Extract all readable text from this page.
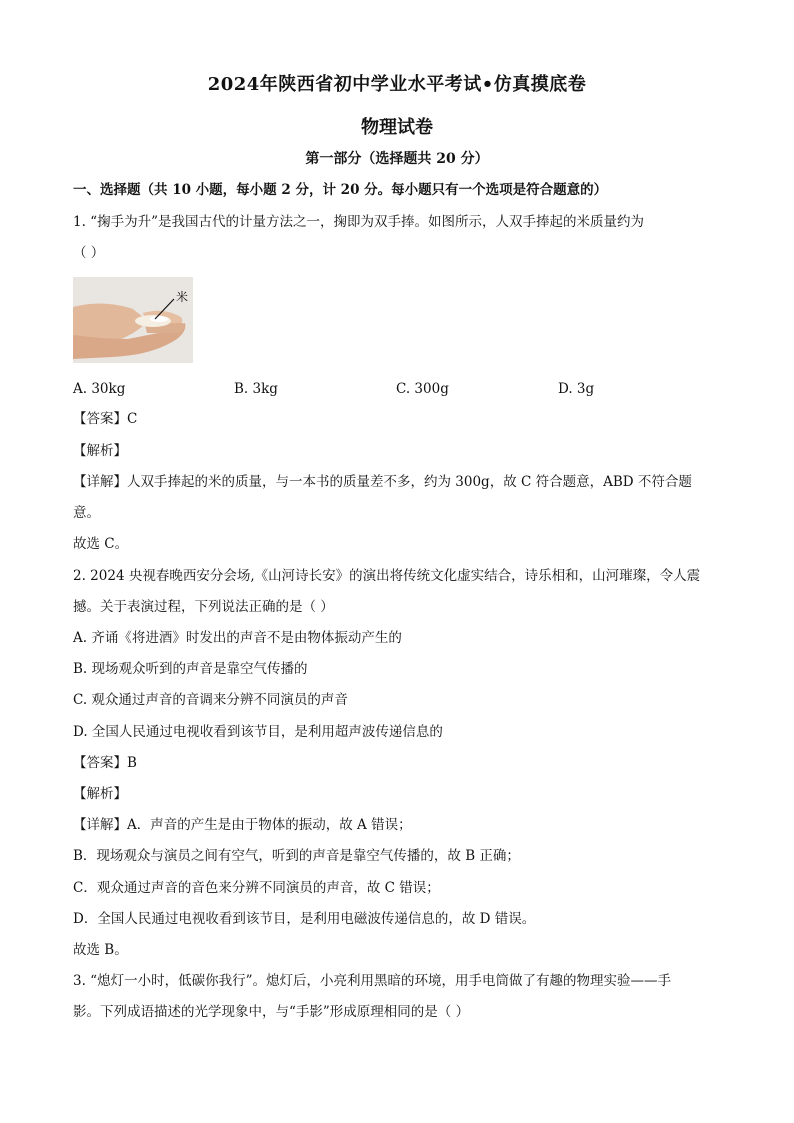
2024年陕西省初中学业水平考试•仿真摸底卷
物理试卷
第一部分（选择题共 20 分）
一、选择题（共 10 小题，每小题 2 分，计 20 分。每小题只有一个选项是符合题意的）
1. “掬手为升”是我国古代的计量方法之一，掬即为双手捧。如图所示，人双手捧起的米质量约为
（ ）
米
A. 30kg	B. 3kg	C. 300g	D. 3g
【答案】C
【解析】
【详解】人双手捧起的米的质量，与一本书的质量差不多，约为 300g，故 C 符合题意，ABD 不符合题
意。
故选 C。
2. 2024 央视春晚西安分会场,《山河诗长安》的演出将传统文化虚实结合，诗乐相和，山河璀璨，令人震
撼。关于表演过程，下列说法正确的是（ ）
A. 齐诵《将进酒》时发出的声音不是由物体振动产生的
B. 现场观众听到的声音是靠空气传播的
C. 观众通过声音的音调来分辨不同演员的声音
D. 全国人民通过电视收看到该节目，是利用超声波传递信息的
【答案】B
【解析】
【详解】A．声音的产生是由于物体的振动，故 A 错误；
B．现场观众与演员之间有空气，听到的声音是靠空气传播的，故 B 正确；
C．观众通过声音的音色来分辨不同演员的声音，故 C 错误；
D．全国人民通过电视收看到该节目，是利用电磁波传递信息的，故 D 错误。
故选 B。
3. “熄灯一小时，低碳你我行”。熄灯后，小亮利用黑暗的环境，用手电筒做了有趣的物理实验——手
影。下列成语描述的光学现象中，与“手影”形成原理相同的是（ ）
